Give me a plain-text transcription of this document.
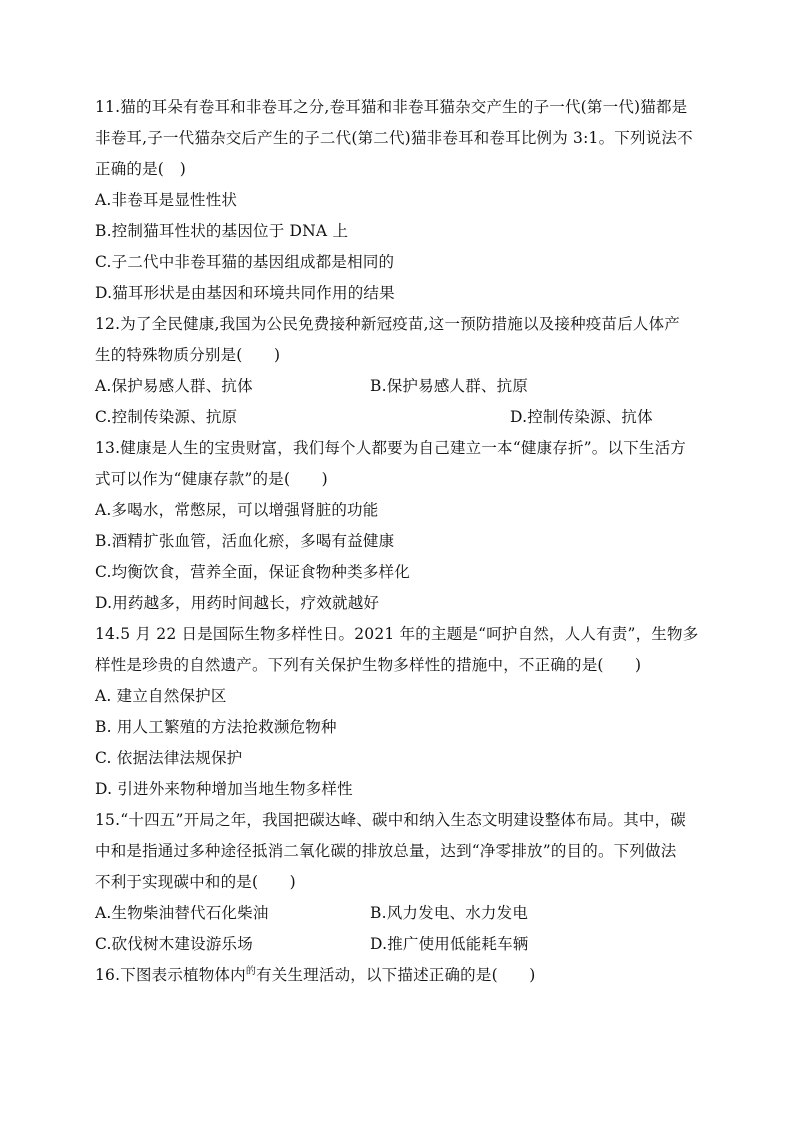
11.猫的耳朵有卷耳和非卷耳之分,卷耳猫和非卷耳猫杂交产生的子一代(第一代)猫都是
非卷耳,子一代猫杂交后产生的子二代(第二代)猫非卷耳和卷耳比例为 3:1。下列说法不
正确的是(　)
A.非卷耳是显性性状
B.控制猫耳性状的基因位于 DNA 上
C.子二代中非卷耳猫的基因组成都是相同的
D.猫耳形状是由基因和环境共同作用的结果
12.为了全民健康,我国为公民免费接种新冠疫苗,这一预防措施以及接种疫苗后人体产
生的特殊物质分别是(　　)
A.保护易感人群、抗体	B.保护易感人群、抗原
C.控制传染源、抗原	D.控制传染源、抗体
13.健康是人生的宝贵财富，我们每个人都要为自己建立一本“健康存折”。以下生活方
式可以作为“健康存款”的是(　　)
A.多喝水，常憋尿，可以增强肾脏的功能
B.酒精扩张血管，活血化瘀，多喝有益健康
C.均衡饮食，营养全面，保证食物种类多样化
D.用药越多，用药时间越长，疗效就越好
14.5 月 22 日是国际生物多样性日。2021 年的主题是“呵护自然，人人有责”，生物多
样性是珍贵的自然遗产。下列有关保护生物多样性的措施中，不正确的是(　　)
A. 建立自然保护区
B. 用人工繁殖的方法抢救濒危物种
C. 依据法律法规保护
D. 引进外来物种增加当地生物多样性
15.“十四五”开局之年，我国把碳达峰、碳中和纳入生态文明建设整体布局。其中，碳
中和是指通过多种途径抵消二氧化碳的排放总量，达到“净零排放”的目的。下列做法
不利于实现碳中和的是(　　)
A.生物柴油替代石化柴油	B.风力发电、水力发电
C.砍伐树木建设游乐场	D.推广使用低能耗车辆
16.下图表示植物体内$^的$有关生理活动，以下描述正确的是(　　)
